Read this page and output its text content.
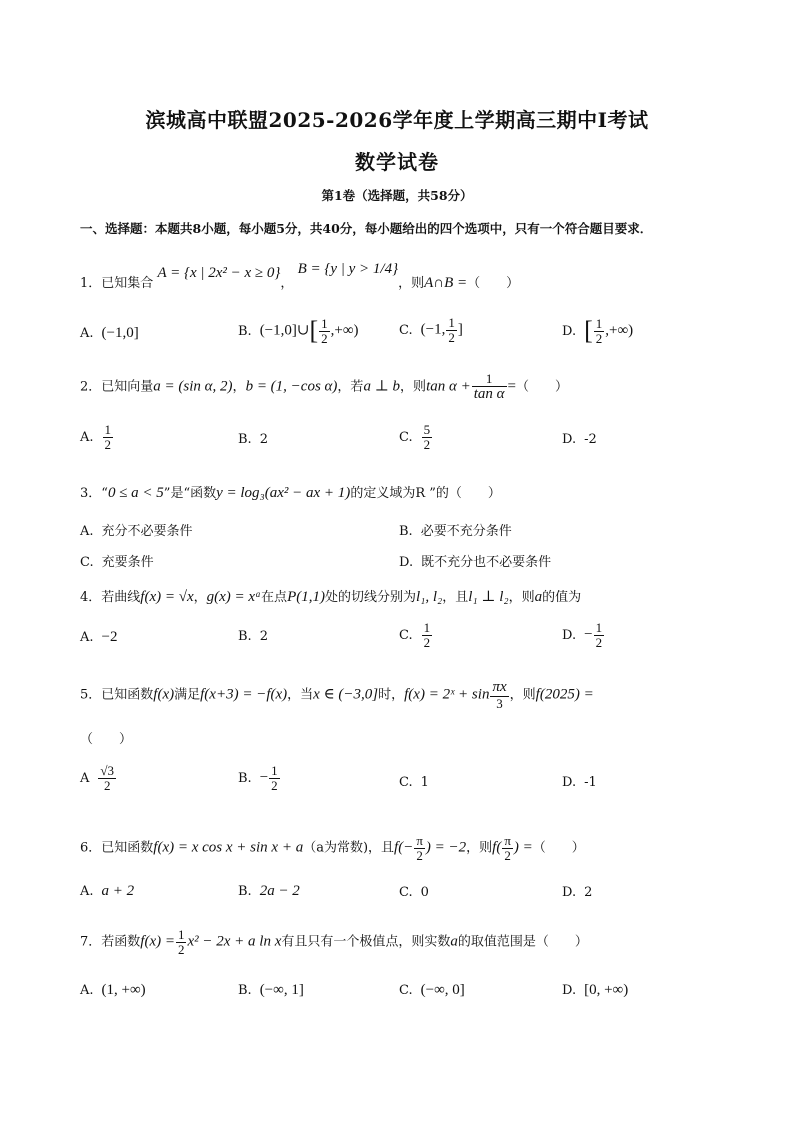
滨城高中联盟2025-2026学年度上学期高三期中Ⅰ考试
数学试卷
第1卷（选择题，共58分）
一、选择题：本题共8小题，每小题5分，共40分，每小题给出的四个选项中，只有一个符合题目要求．
1．已知集合 A = {x | 2x² − x ≥ 0}， B = {y | y > 1/4}，则A∩B =（　　）
A. (−1,0]	B. (−1,0]∪[ $\frac{1}{2}$ ,+∞)	C. (−1, $\frac{1}{2}$ ]	D. [ $\frac{1}{2}$ ,+∞)
2．已知向量a = (sin α, 2)，b = (1, −cos α)，若a ⊥ b，则$\tan \alpha + \frac{1}{\text{tan α}}$ =（　　）
A. $\frac{1}{2}$	B. 2	C. $\frac{5}{2}$	D. -2
3．“0 ≤ a < 5”是“函数y = log₃(ax² − ax + 1)的定义域为R ”的（　　）
A. 充分不必要条件	B. 必要不充分条件
C. 充要条件	D. 既不充分也不必要条件
4．若曲线f(x) = √x，g(x) = xᵃ在点P(1,1)处的切线分别为l₁, l₂，且l₁ ⊥ l₂，则a的值为
A. −2	B. 2	C. $\frac{1}{2}$	D. − $\frac{1}{2}$
5．已知函数f(x)满足f(x+3) = −f(x)，当x ∈ (−3,0]时，f(x) = 2ˣ + $\sin \frac{\pi x}{3}$ ，则f(2025) =
（　　）
A $\frac{√3}{2}$	B. − $\frac{1}{2}$	C. 1	D. -1
6．已知函数f(x) = x cos x + sin x + a（a为常数)，且$f(- \frac{\pi}{2}$ ) = −2，则$f( \frac{\pi}{2}$ ) =（　　）
A. a + 2	B. 2a − 2	C. 0	D. 2
7．若函数$f(x) = \frac{1}{2} x^2 - 2x + a$ ln x有且只有一个极值点，则实数a的取值范围是（　　）
A. (1, +∞)	B. (−∞, 1]	C. (−∞, 0]	D. [0, +∞)
